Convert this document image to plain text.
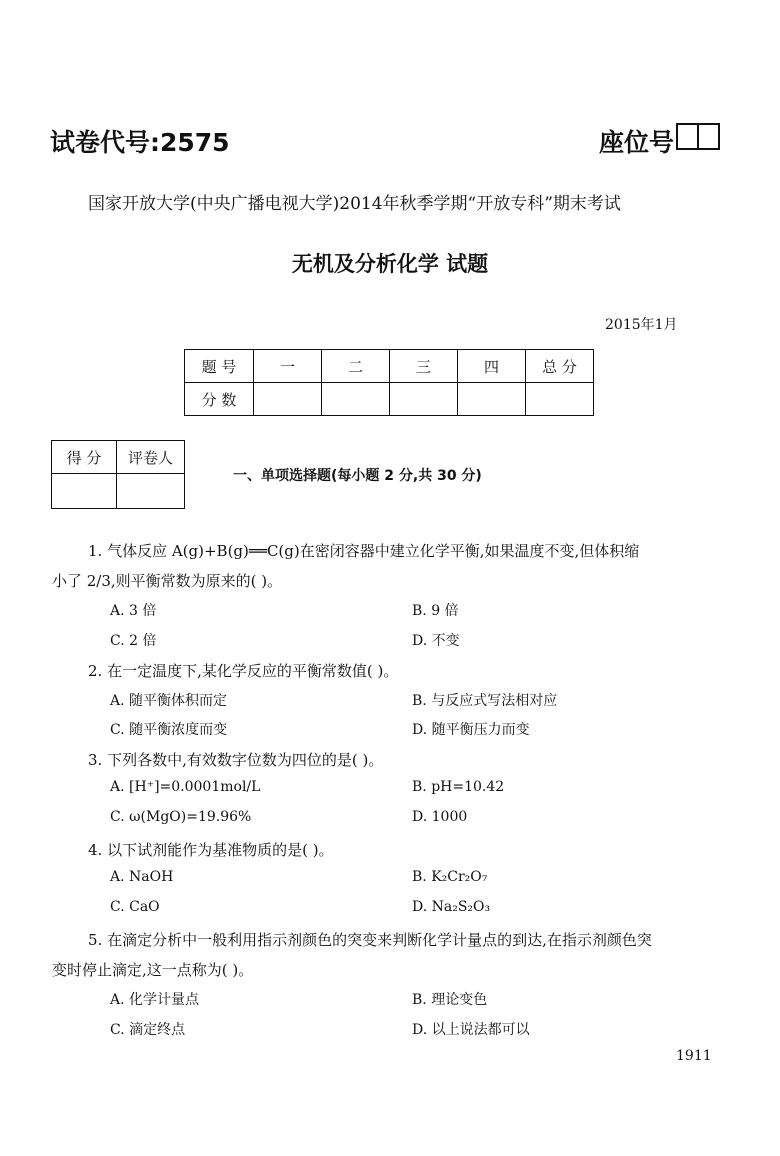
试卷代号:2575	座位号
国家开放大学(中央广播电视大学)2014年秋季学期“开放专科”期末考试
无机及分析化学 试题
2015年1月
题 号	一	二	三	四	总 分
分 数					
得 分	评卷人

一、单项选择题(每小题 2 分,共 30 分)
1. 气体反应 A(g)+B(g)══C(g)在密闭容器中建立化学平衡,如果温度不变,但体积缩
小了 2/3,则平衡常数为原来的( )。
A. 3 倍	B. 9 倍
C. 2 倍	D. 不变
2. 在一定温度下,某化学反应的平衡常数值( )。
A. 随平衡体积而定	B. 与反应式写法相对应
C. 随平衡浓度而变	D. 随平衡压力而变
3. 下列各数中,有效数字位数为四位的是( )。
A. [H⁺]=0.0001mol/L	B. pH=10.42
C. ω(MgO)=19.96%	D. 1000
4. 以下试剂能作为基准物质的是( )。
A. NaOH	B. K₂Cr₂O₇
C. CaO	D. Na₂S₂O₃
5. 在滴定分析中一般利用指示剂颜色的突变来判断化学计量点的到达,在指示剂颜色突
变时停止滴定,这一点称为( )。
A. 化学计量点	B. 理论变色
C. 滴定终点	D. 以上说法都可以
1911
